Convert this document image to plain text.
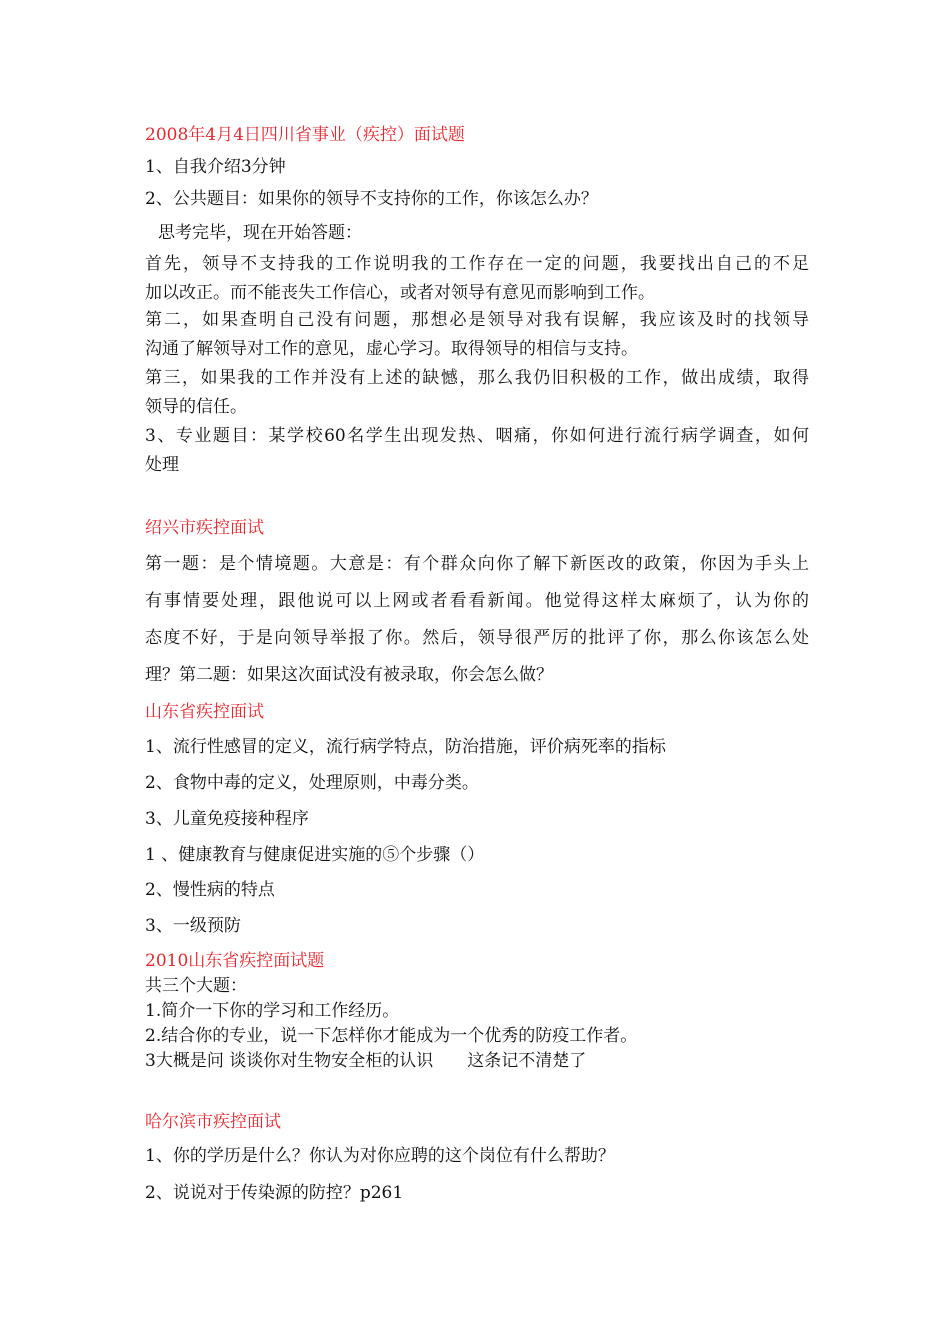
2008年4月4日四川省事业（疾控）面试题

1、自我介绍3分钟

2、公共题目：如果你的领导不支持你的工作，你该怎么办？

思考完毕，现在开始答题：

首先，领导不支持我的工作说明我的工作存在一定的问题，我要找出自己的不足

加以改正。而不能丧失工作信心，或者对领导有意见而影响到工作。

第二，如果查明自己没有问题，那想必是领导对我有误解，我应该及时的找领导

沟通了解领导对工作的意见，虚心学习。取得领导的相信与支持。

第三，如果我的工作并没有上述的缺憾，那么我仍旧积极的工作，做出成绩，取得

领导的信任。

3、专业题目：某学校60名学生出现发热、咽痛，你如何进行流行病学调查，如何

处理

绍兴市疾控面试

第一题：是个情境题。大意是：有个群众向你了解下新医改的政策，你因为手头上

有事情要处理，跟他说可以上网或者看看新闻。他觉得这样太麻烦了，认为你的

态度不好，于是向领导举报了你。然后，领导很严厉的批评了你，那么你该怎么处

理？第二题：如果这次面试没有被录取，你会怎么做？

山东省疾控面试

1、流行性感冒的定义，流行病学特点，防治措施，评价病死率的指标

2、食物中毒的定义，处理原则，中毒分类。

3、儿童免疫接种程序

1 、健康教育与健康促进实施的⑤个步骤（）

2、慢性病的特点

3、一级预防

2010山东省疾控面试题

共三个大题：

1.简介一下你的学习和工作经历。

2.结合你的专业，说一下怎样你才能成为一个优秀的防疫工作者。

3大概是问 谈谈你对生物安全柜的认识　　这条记不清楚了

哈尔滨市疾控面试

1、你的学历是什么？你认为对你应聘的这个岗位有什么帮助？

2、说说对于传染源的防控？p261
